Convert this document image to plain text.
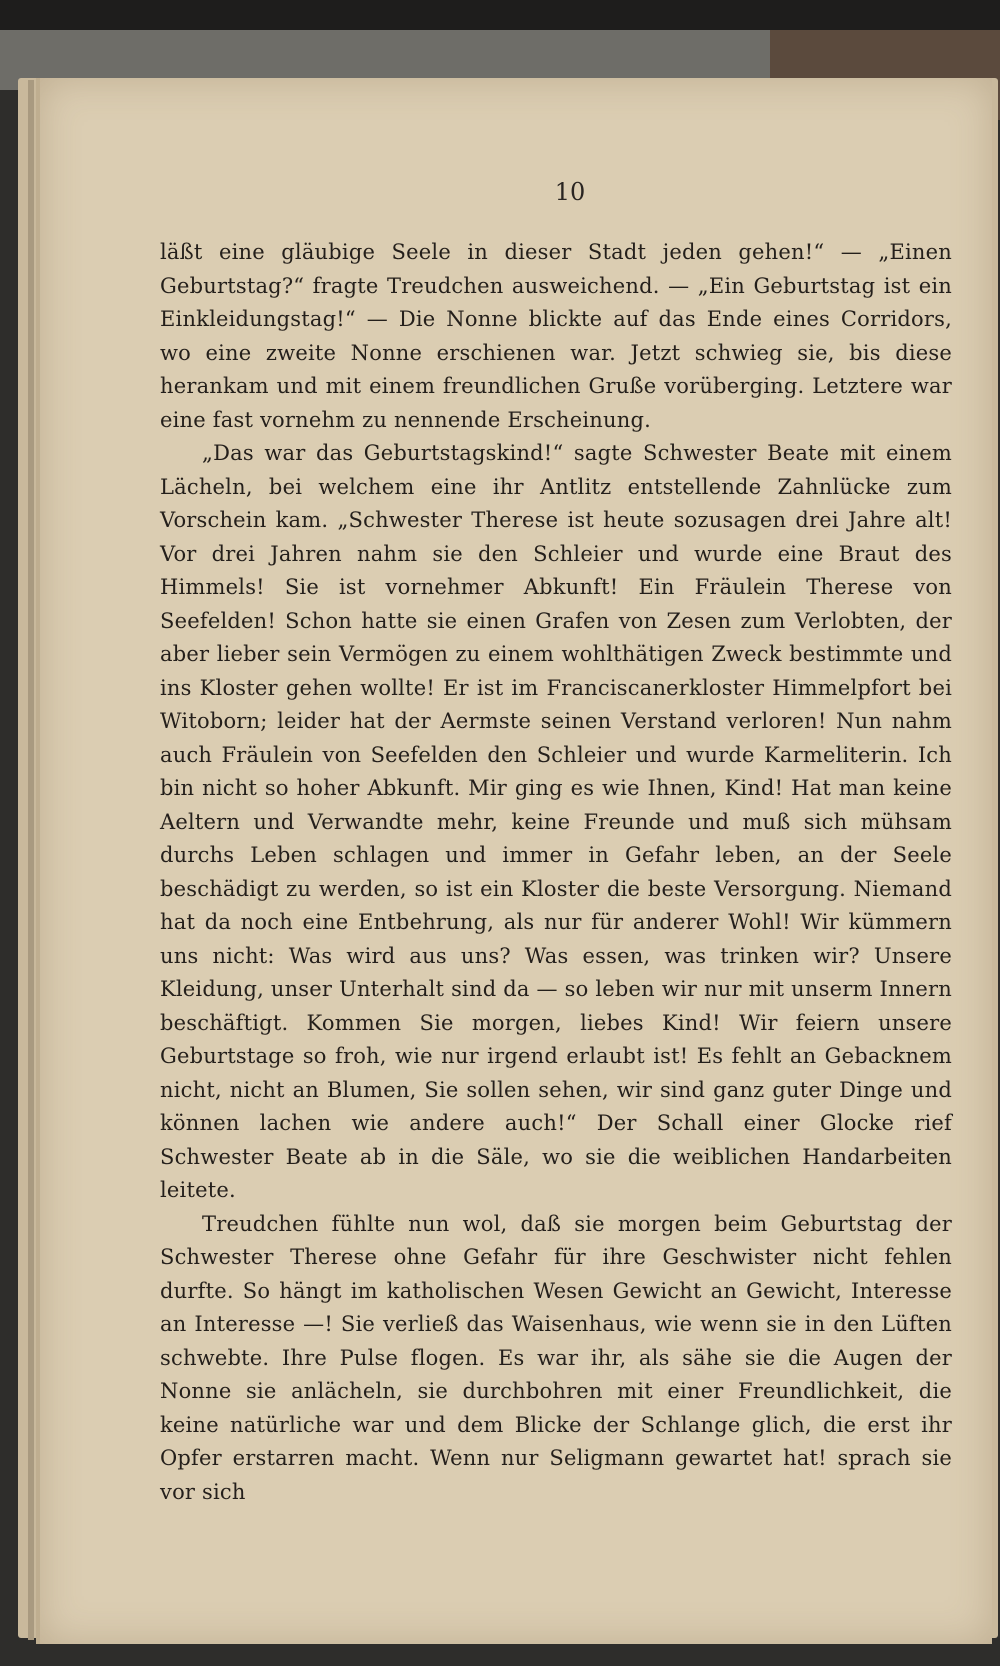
10

läßt eine gläubige Seele in dieser Stadt jeden gehen!“ — „Einen Geburtstag?“ fragte Treudchen ausweichend. — „Ein Geburtstag ist ein Einkleidungstag!“ — Die Nonne blickte auf das Ende eines Corridors, wo eine zweite Nonne erschienen war. Jetzt schwieg sie, bis diese herankam und mit einem freundlichen Gruße vorüberging. Letztere war eine fast vornehm zu nennende Erscheinung.

„Das war das Geburtstagskind!“ sagte Schwester Beate mit einem Lächeln, bei welchem eine ihr Antlitz entstellende Zahnlücke zum Vorschein kam. „Schwester Therese ist heute sozusagen drei Jahre alt! Vor drei Jahren nahm sie den Schleier und wurde eine Braut des Himmels! Sie ist vornehmer Abkunft! Ein Fräulein Therese von Seefelden! Schon hatte sie einen Grafen von Zesen zum Verlobten, der aber lieber sein Vermögen zu einem wohlthätigen Zweck bestimmte und ins Kloster gehen wollte! Er ist im Franciscanerkloster Himmelpfort bei Witoborn; leider hat der Aermste seinen Verstand verloren! Nun nahm auch Fräulein von Seefelden den Schleier und wurde Karmeliterin. Ich bin nicht so hoher Abkunft. Mir ging es wie Ihnen, Kind! Hat man keine Aeltern und Verwandte mehr, keine Freunde und muß sich mühsam durchs Leben schlagen und immer in Gefahr leben, an der Seele beschädigt zu werden, so ist ein Kloster die beste Versorgung. Niemand hat da noch eine Entbehrung, als nur für anderer Wohl! Wir kümmern uns nicht: Was wird aus uns? Was essen, was trinken wir? Unsere Kleidung, unser Unterhalt sind da — so leben wir nur mit unserm Innern beschäftigt. Kommen Sie morgen, liebes Kind! Wir feiern unsere Geburtstage so froh, wie nur irgend erlaubt ist! Es fehlt an Gebacknem nicht, nicht an Blumen, Sie sollen sehen, wir sind ganz guter Dinge und können lachen wie andere auch!“ Der Schall einer Glocke rief Schwester Beate ab in die Säle, wo sie die weiblichen Handarbeiten leitete.

Treudchen fühlte nun wol, daß sie morgen beim Geburtstag der Schwester Therese ohne Gefahr für ihre Geschwister nicht fehlen durfte. So hängt im katholischen Wesen Gewicht an Gewicht, Interesse an Interesse —! Sie verließ das Waisenhaus, wie wenn sie in den Lüften schwebte. Ihre Pulse flogen. Es war ihr, als sähe sie die Augen der Nonne sie anlächeln, sie durchbohren mit einer Freundlichkeit, die keine natürliche war und dem Blicke der Schlange glich, die erst ihr Opfer erstarren macht. Wenn nur Seligmann gewartet hat! sprach sie vor sich
